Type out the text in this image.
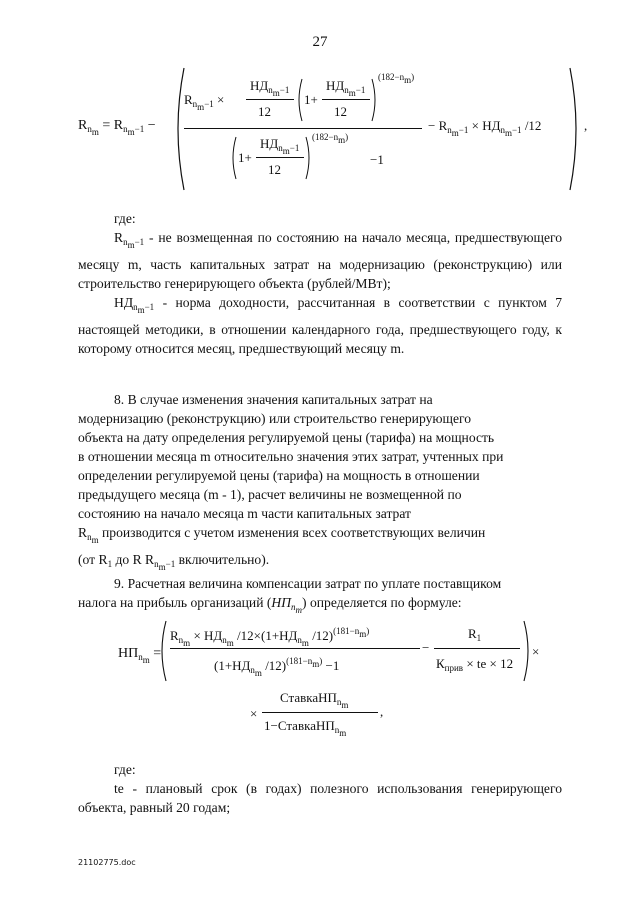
27
$R_{n_m} = R_{n_m-1}$ −
$R_{n_m-1}$ ×
$НД_{n_m-1}$
12
1+
$НД_{n_m-1}$
12
$(182-n_m)$
1+
$НД_{n_m-1}$
12
$(182-n_m)$
−1
− $R_{n_m-1} \times НД_{n_m-1}$ /12	,

где:

$R_{n_m-1}$ - не возмещенная по состоянию на начало месяца, предшествующего месяцу m, часть капитальных затрат на модернизацию (реконструкцию) или строительство генерирующего объекта (рублей/МВт);

$НД_{n_m-1}$ - норма доходности, рассчитанная в соответствии с пунктом 7 настоящей методики, в отношении календарного года, предшествующего году, к которому относится месяц, предшествующий месяцу m.

8. В случае изменения значения капитальных затрат на
модернизацию (реконструкцию) или строительство генерирующего
объекта на дату определения регулируемой цены (тарифа) на мощность
в отношении месяца m относительно значения этих затрат, учтенных при
определении регулируемой цены (тарифа) на мощность в отношении
предыдущего месяца (m - 1), расчет величины не возмещенной по
состоянию на начало месяца m части капитальных затрат
$R_{n_m}$ производится с учетом изменения всех соответствующих величин
(от $R_1$ до R $R_{n_m-1}$ включительно).
9. Расчетная величина компенсации затрат по уплате поставщиком
налога на прибыль организаций $(НП_{n_m})$ определяется по формуле:
$НП_{n_m}$ =
$R_{n_m} \times НД_{n_m}$ $/12\times(1+НД_{n_m}$ /12)$^{(181-n_m)}$
($1+НД_{n_m}$ /12)$^{(181-n_m)}$ −1
−
$R_1$
$К_{прив}$ × te × 12
×
×
СтавкаНП$_{n_m}$
1−СтавкаНП$_{n_m}$
,

где:

te - плановый срок (в годах) полезного использования генерирующего объекта, равный 20 годам;

21102775.doc
